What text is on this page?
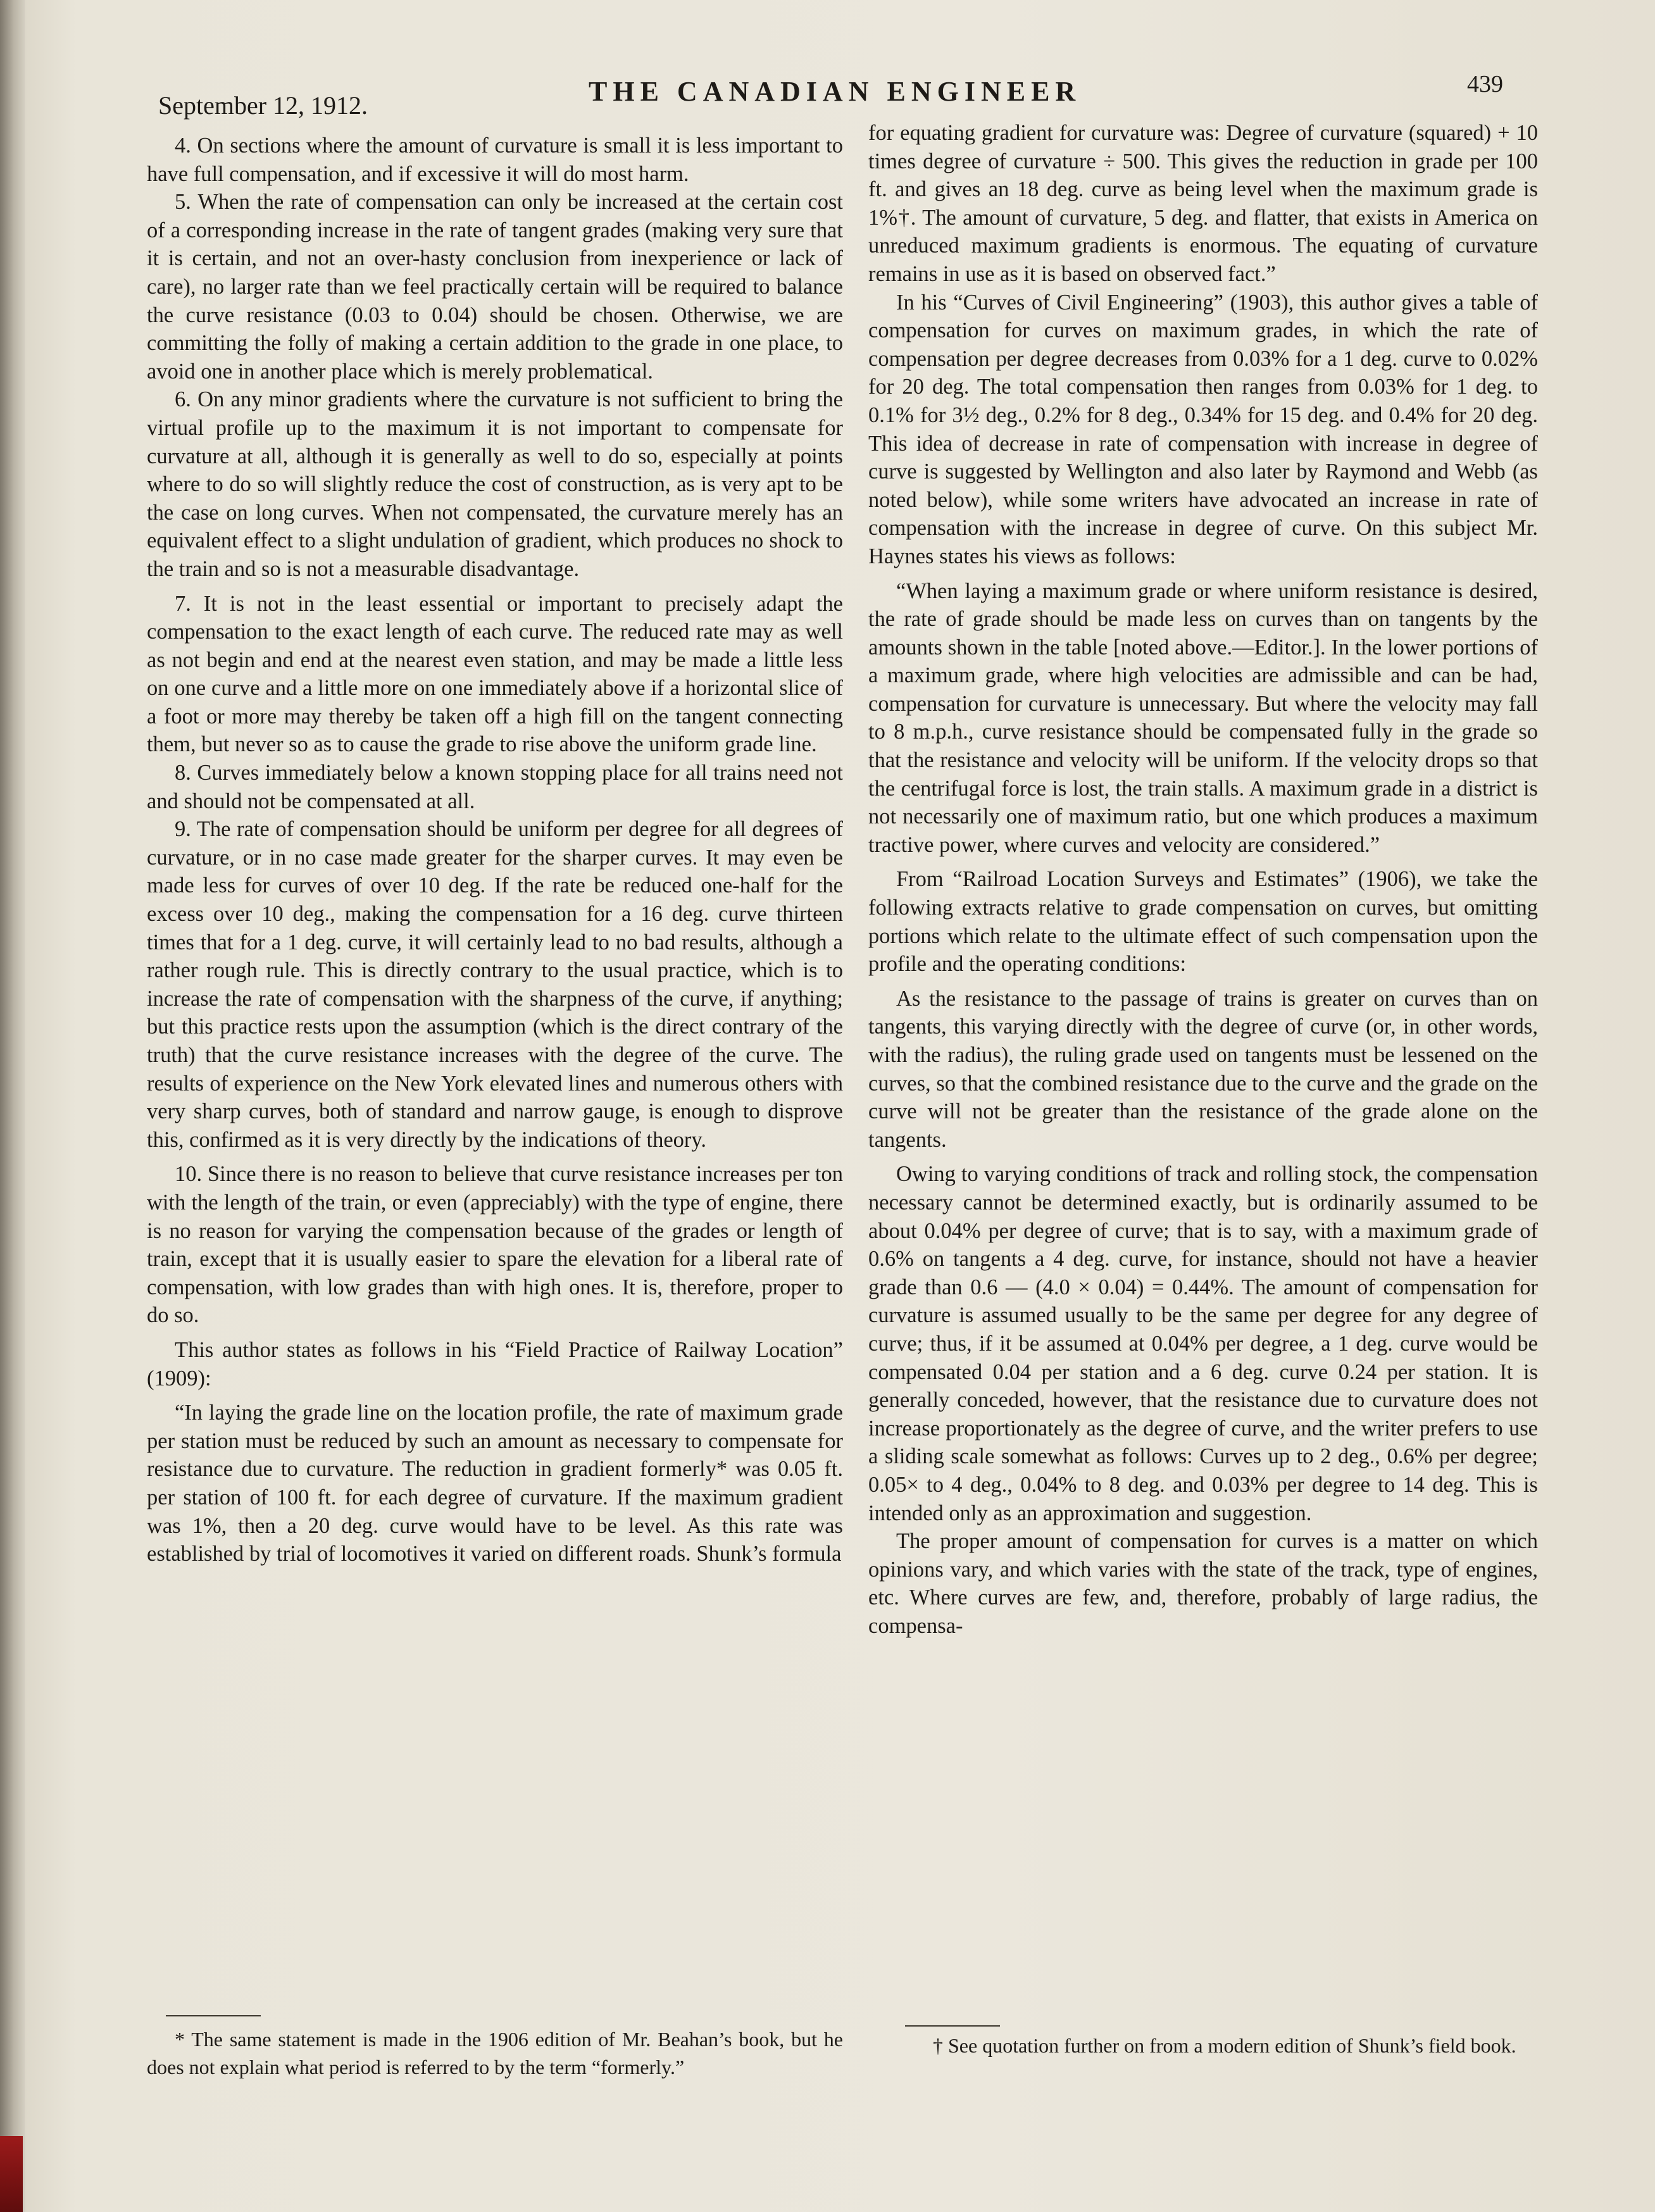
September 12, 1912.	THE CANADIAN ENGINEER	439

4. On sections where the amount of curvature is small it is less important to have full compensation, and if excessive it will do most harm.

5. When the rate of compensation can only be increased at the certain cost of a corresponding increase in the rate of tangent grades (making very sure that it is certain, and not an over-hasty conclusion from inexperience or lack of care), no larger rate than we feel practically certain will be required to balance the curve resistance (0.03 to 0.04) should be chosen. Otherwise, we are committing the folly of making a certain addition to the grade in one place, to avoid one in another place which is merely problematical.

6. On any minor gradients where the curvature is not sufficient to bring the virtual profile up to the maximum it is not important to compensate for curvature at all, although it is generally as well to do so, especially at points where to do so will slightly reduce the cost of construction, as is very apt to be the case on long curves. When not compensated, the curvature merely has an equivalent effect to a slight undulation of gradient, which produces no shock to the train and so is not a measurable disadvantage.

7. It is not in the least essential or important to precisely adapt the compensation to the exact length of each curve. The reduced rate may as well as not begin and end at the nearest even station, and may be made a little less on one curve and a little more on one immediately above if a horizontal slice of a foot or more may thereby be taken off a high fill on the tangent connecting them, but never so as to cause the grade to rise above the uniform grade line.

8. Curves immediately below a known stopping place for all trains need not and should not be compensated at all.

9. The rate of compensation should be uniform per degree for all degrees of curvature, or in no case made greater for the sharper curves. It may even be made less for curves of over 10 deg. If the rate be reduced one-half for the excess over 10 deg., making the compensation for a 16 deg. curve thirteen times that for a 1 deg. curve, it will certainly lead to no bad results, although a rather rough rule. This is directly contrary to the usual practice, which is to increase the rate of compensation with the sharpness of the curve, if anything; but this practice rests upon the assumption (which is the direct contrary of the truth) that the curve resistance increases with the degree of the curve. The results of experience on the New York elevated lines and numerous others with very sharp curves, both of standard and narrow gauge, is enough to disprove this, confirmed as it is very directly by the indications of theory.

10. Since there is no reason to believe that curve resistance increases per ton with the length of the train, or even (appreciably) with the type of engine, there is no reason for varying the compensation because of the grades or length of train, except that it is usually easier to spare the elevation for a liberal rate of compensation, with low grades than with high ones. It is, therefore, proper to do so.

This author states as follows in his “Field Practice of Railway Location” (1909):

“In laying the grade line on the location profile, the rate of maximum grade per station must be reduced by such an amount as necessary to compensate for resistance due to curvature. The reduction in gradient formerly* was 0.05 ft. per station of 100 ft. for each degree of curvature. If the maximum gradient was 1%, then a 20 deg. curve would have to be level. As this rate was established by trial of locomotives it varied on different roads. Shunk’s formula

for equating gradient for curvature was: Degree of curvature (squared) + 10 times degree of curvature ÷ 500. This gives the reduction in grade per 100 ft. and gives an 18 deg. curve as being level when the maximum grade is 1%†. The amount of curvature, 5 deg. and flatter, that exists in America on unreduced maximum gradients is enormous. The equating of curvature remains in use as it is based on observed fact.”

In his “Curves of Civil Engineering” (1903), this author gives a table of compensation for curves on maximum grades, in which the rate of compensation per degree decreases from 0.03% for a 1 deg. curve to 0.02% for 20 deg. The total compensation then ranges from 0.03% for 1 deg. to 0.1% for 3½ deg., 0.2% for 8 deg., 0.34% for 15 deg. and 0.4% for 20 deg. This idea of decrease in rate of compensation with increase in degree of curve is suggested by Wellington and also later by Raymond and Webb (as noted below), while some writers have advocated an increase in rate of compensation with the increase in degree of curve. On this subject Mr. Haynes states his views as follows:

“When laying a maximum grade or where uniform resistance is desired, the rate of grade should be made less on curves than on tangents by the amounts shown in the table [noted above.—Editor.]. In the lower portions of a maximum grade, where high velocities are admissible and can be had, compensation for curvature is unnecessary. But where the velocity may fall to 8 m.p.h., curve resistance should be compensated fully in the grade so that the resistance and velocity will be uniform. If the velocity drops so that the centrifugal force is lost, the train stalls. A maximum grade in a district is not necessarily one of maximum ratio, but one which produces a maximum tractive power, where curves and velocity are considered.”

From “Railroad Location Surveys and Estimates” (1906), we take the following extracts relative to grade compensation on curves, but omitting portions which relate to the ultimate effect of such compensation upon the profile and the operating conditions:

As the resistance to the passage of trains is greater on curves than on tangents, this varying directly with the degree of curve (or, in other words, with the radius), the ruling grade used on tangents must be lessened on the curves, so that the combined resistance due to the curve and the grade on the curve will not be greater than the resistance of the grade alone on the tangents.

Owing to varying conditions of track and rolling stock, the compensation necessary cannot be determined exactly, but is ordinarily assumed to be about 0.04% per degree of curve; that is to say, with a maximum grade of 0.6% on tangents a 4 deg. curve, for instance, should not have a heavier grade than 0.6 — (4.0 × 0.04) = 0.44%. The amount of compensation for curvature is assumed usually to be the same per degree for any degree of curve; thus, if it be assumed at 0.04% per degree, a 1 deg. curve would be compensated 0.04 per station and a 6 deg. curve 0.24 per station. It is generally conceded, however, that the resistance due to curvature does not increase proportionately as the degree of curve, and the writer prefers to use a sliding scale somewhat as follows: Curves up to 2 deg., 0.6% per degree; 0.05× to 4 deg., 0.04% to 8 deg. and 0.03% per degree to 14 deg. This is intended only as an approximation and suggestion.

The proper amount of compensation for curves is a matter on which opinions vary, and which varies with the state of the track, type of engines, etc. Where curves are few, and, therefore, probably of large radius, the compensa-

* The same statement is made in the 1906 edition of Mr. Beahan’s book, but he does not explain what period is referred to by the term “formerly.”

† See quotation further on from a modern edition of Shunk’s field book.
